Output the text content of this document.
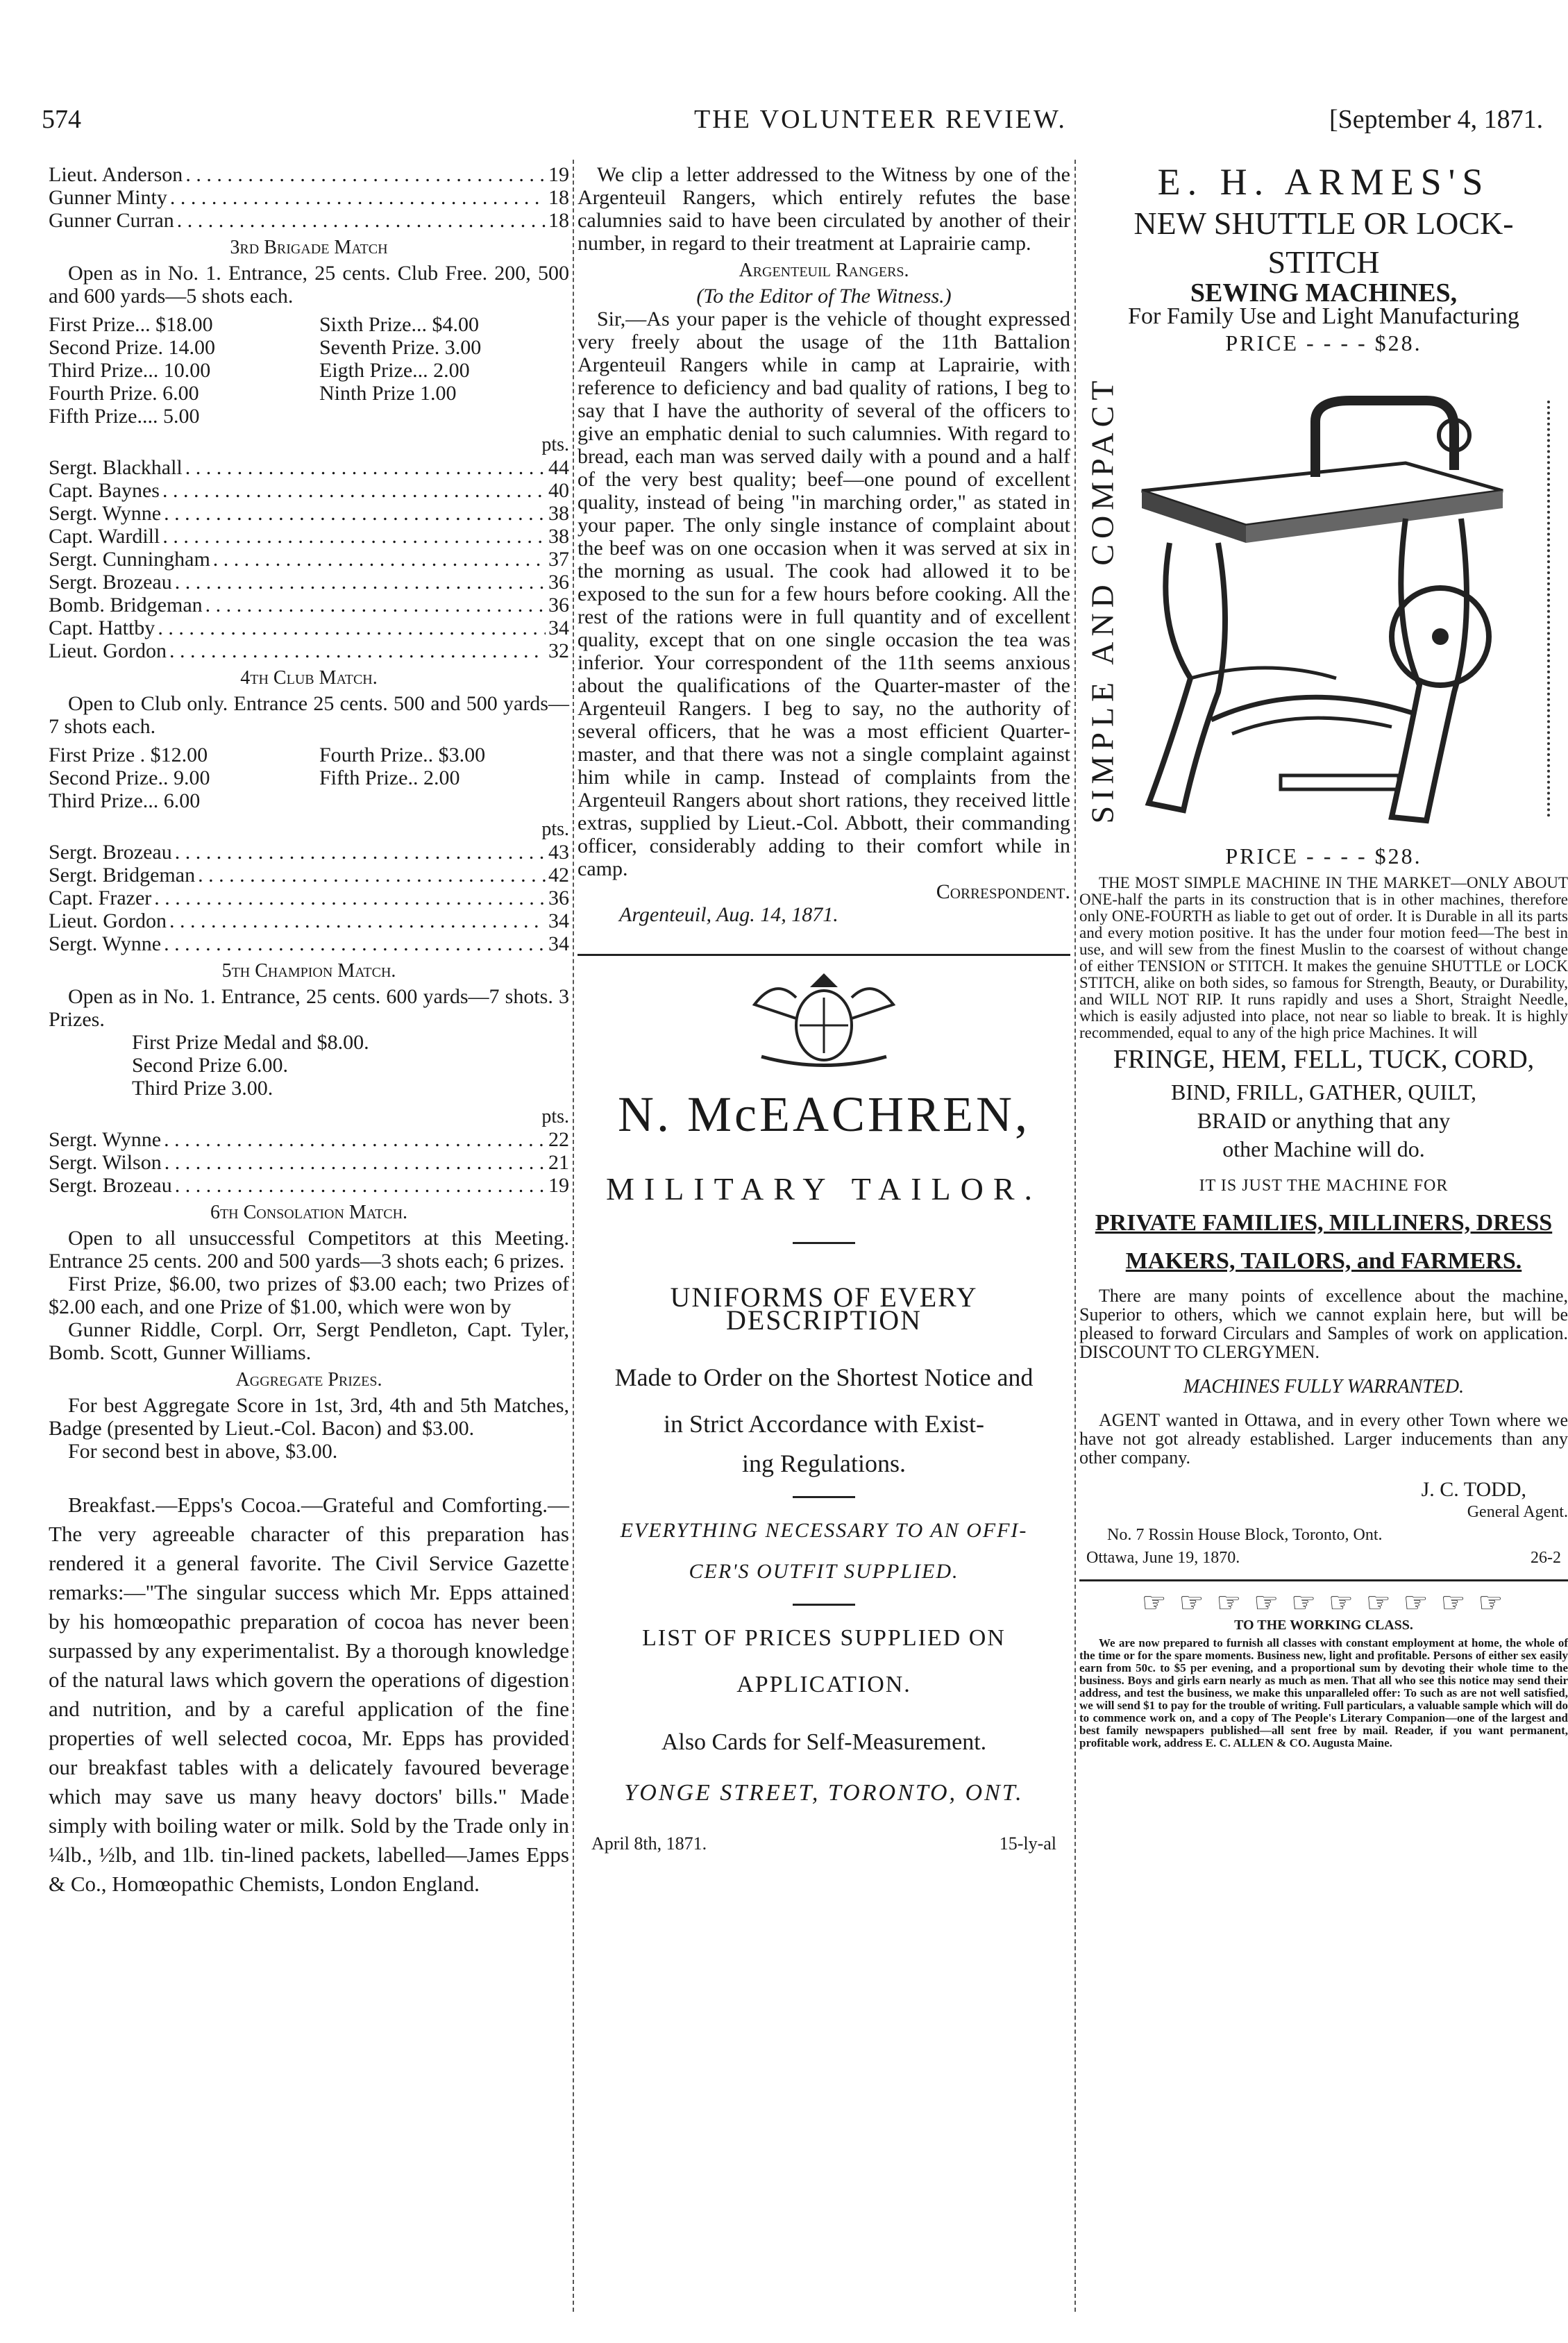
574	THE VOLUNTEER REVIEW.	[September 4, 1871.
Lieut. Anderson . . .	19
Gunner Minty . . .	18
Gunner Curran . . .	18
3rd Brigade Match

Open as in No. 1. Entrance, 25 cents. Club Free. 200, 500 and 600 yards—5 shots each.

First Prize... $18.00	Sixth Prize... $4.00
Second Prize. 14.00	Seventh Prize. 3.00
Third Prize... 10.00	Eigth Prize... 2.00
Fourth Prize. 6.00	Ninth Prize 1.00
Fifth Prize.... 5.00
pts.
Sergt. Blackhall . . .	44
Capt. Baynes . . .	40
Sergt. Wynne . . .	38
Capt. Wardill . . .	38
Sergt. Cunningham . . .	37
Sergt. Brozeau . . .	36
Bomb. Bridgeman . . .	36
Capt. Hattby . . .	34
Lieut. Gordon . . .	32
4th Club Match.

Open to Club only. Entrance 25 cents. 500 and 500 yards—7 shots each.

First Prize . $12.00	Fourth Prize.. $3.00
Second Prize.. 9.00	Fifth Prize.. 2.00
Third Prize... 6.00
pts.
Sergt. Brozeau . . .	43
Sergt. Bridgeman . . .	42
Capt. Frazer . . .	36
Lieut. Gordon . . .	34
Sergt. Wynne . . .	34
5th Champion Match.

Open as in No. 1. Entrance, 25 cents. 600 yards—7 shots. 3 Prizes.

First Prize Medal and $8.00.
Second Prize 6.00.
Third Prize 3.00.
pts.
Sergt. Wynne . . .	22
Sergt. Wilson . . .	21
Sergt. Brozeau . . .	19
6th Consolation Match.

Open to all unsuccessful Competitors at this Meeting. Entrance 25 cents. 200 and 500 yards—3 shots each; 6 prizes.

First Prize, $6.00, two prizes of $3.00 each; two Prizes of $2.00 each, and one Prize of $1.00, which were won by

Gunner Riddle, Corpl. Orr, Sergt Pendleton, Capt. Tyler, Bomb. Scott, Gunner Williams.

Aggregate Prizes.

For best Aggregate Score in 1st, 3rd, 4th and 5th Matches, Badge (presented by Lieut.-Col. Bacon) and $3.00.

For second best in above, $3.00.

Breakfast.—Epps's Cocoa.—Grateful and Comforting.—The very agreeable character of this preparation has rendered it a general favorite. The Civil Service Gazette remarks:—"The singular success which Mr. Epps attained by his homœopathic preparation of cocoa has never been surpassed by any experimentalist. By a thorough knowledge of the natural laws which govern the operations of digestion and nutrition, and by a careful application of the fine properties of well selected cocoa, Mr. Epps has provided our breakfast tables with a delicately favoured beverage which may save us many heavy doctors' bills." Made simply with boiling water or milk. Sold by the Trade only in ¼lb., ½lb, and 1lb. tin-lined packets, labelled—James Epps & Co., Homœopathic Chemists, London England.

We clip a letter addressed to the Witness by one of the Argenteuil Rangers, which entirely refutes the base calumnies said to have been circulated by another of their number, in regard to their treatment at Laprairie camp.

Argenteuil Rangers.
(To the Editor of The Witness.)

Sir,—As your paper is the vehicle of thought expressed very freely about the usage of the 11th Battalion Argenteuil Rangers while in camp at Laprairie, with reference to deficiency and bad quality of rations, I beg to say that I have the authority of several of the officers to give an emphatic denial to such calumnies. With regard to bread, each man was served daily with a pound and a half of the very best quality; beef—one pound of excellent quality, instead of being "in marching order," as stated in your paper. The only single instance of complaint about the beef was on one occasion when it was served at six in the morning as usual. The cook had allowed it to be exposed to the sun for a few hours before cooking. All the rest of the rations were in full quantity and of excellent quality, except that on one single occasion the tea was inferior. Your correspondent of the 11th seems anxious about the qualifications of the Quarter-master of the Argenteuil Rangers. I beg to say, no the authority of several officers, that he was a most efficient Quarter-master, and that there was not a single complaint against him while in camp. Instead of complaints from the Argenteuil Rangers about short rations, they received little extras, supplied by Lieut.-Col. Abbott, their commanding officer, considerably adding to their comfort while in camp.

Correspondent.
Argenteuil, Aug. 14, 1871.
N. McEACHREN,
MILITARY TAILOR.
UNIFORMS OF EVERY DESCRIPTION
Made to Order on the Shortest Notice and
in Strict Accordance with Exist-
ing Regulations.
EVERYTHING NECESSARY TO AN OFFI-
CER'S OUTFIT SUPPLIED.
LIST OF PRICES SUPPLIED ON
APPLICATION.
Also Cards for Self-Measurement.
YONGE STREET, TORONTO, ONT.
April 8th, 1871.	15-ly-al
E. H. ARMES'S
NEW SHUTTLE OR LOCK-STITCH
SEWING MACHINES,
For Family Use and Light Manufacturing
PRICE - - - - $28.
SIMPLE AND COMPACT
PRICE - - - - $28.

THE MOST SIMPLE MACHINE IN THE MARKET—ONLY ABOUT ONE-half the parts in its construction that is in other machines, therefore only ONE-FOURTH as liable to get out of order. It is Durable in all its parts and every motion positive. It has the under four motion feed—The best in use, and will sew from the finest Muslin to the coarsest of without change of either TENSION or STITCH. It makes the genuine SHUTTLE or LOCK STITCH, alike on both sides, so famous for Strength, Beauty, or Durability, and WILL NOT RIP. It runs rapidly and uses a Short, Straight Needle, which is easily adjusted into place, not near so liable to break. It is highly recommended, equal to any of the high price Machines. It will

FRINGE, HEM, FELL, TUCK, CORD,
BIND, FRILL, GATHER, QUILT,
BRAID or anything that any
other Machine will do.
IT IS JUST THE MACHINE FOR
PRIVATE FAMILIES, MILLINERS, DRESS
MAKERS, TAILORS, and FARMERS.

There are many points of excellence about the machine, Superior to others, which we cannot explain here, but will be pleased to forward Circulars and Samples of work on application. DISCOUNT TO CLERGYMEN.

MACHINES FULLY WARRANTED.

AGENT wanted in Ottawa, and in every other Town where we have not got already established. Larger inducements than any other company.

J. C. TODD,
General Agent.
No. 7 Rossin House Block, Toronto, Ont.
Ottawa, June 19, 1870.	26-2
☞ ☞ ☞ ☞ ☞ ☞ ☞ ☞ ☞ ☞
TO THE WORKING CLASS.

We are now prepared to furnish all classes with constant employment at home, the whole of the time or for the spare moments. Business new, light and profitable. Persons of either sex easily earn from 50c. to $5 per evening, and a proportional sum by devoting their whole time to the business. Boys and girls earn nearly as much as men. That all who see this notice may send their address, and test the business, we make this unparalleled offer: To such as are not well satisfied, we will send $1 to pay for the trouble of writing. Full particulars, a valuable sample which will do to commence work on, and a copy of The People's Literary Companion—one of the largest and best family newspapers published—all sent free by mail. Reader, if you want permanent, profitable work, address E. C. ALLEN & CO. Augusta Maine.
